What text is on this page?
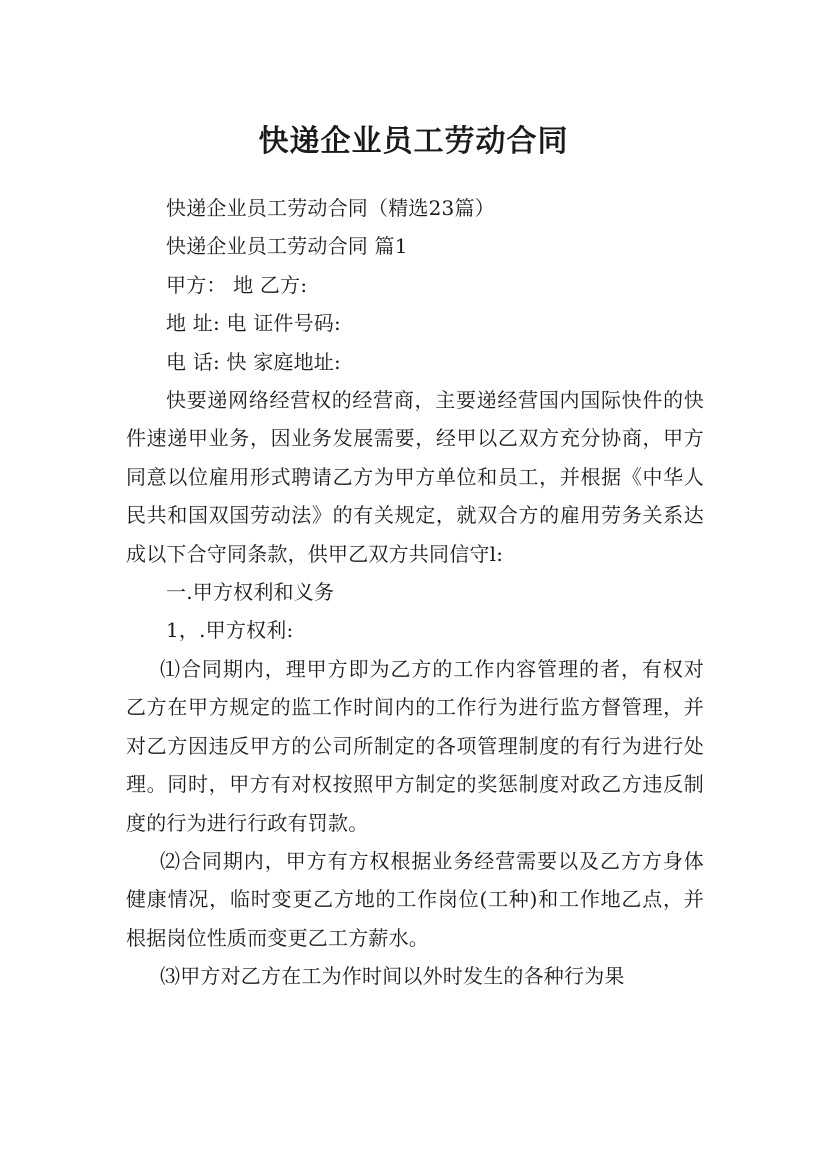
快递企业员工劳动合同

快递企业员工劳动合同（精选23篇）

快递企业员工劳动合同 篇1

甲方： 地 乙方:

地 址: 电 证件号码:

电 话: 快 家庭地址:

快要递网络经营权的经营商，主要递经营国内国际快件的快件速递甲业务，因业务发展需要，经甲以乙双方充分协商，甲方同意以位雇用形式聘请乙方为甲方单位和员工，并根据《中华人民共和国双国劳动法》的有关规定，就双合方的雇用劳务关系达成以下合守同条款，供甲乙双方共同信守l:

一.甲方权利和义务

1，.甲方权利:

⑴合同期内，理甲方即为乙方的工作内容管理的者，有权对乙方在甲方规定的监工作时间内的工作行为进行监方督管理，并对乙方因违反甲方的公司所制定的各项管理制度的有行为进行处理。同时，甲方有对权按照甲方制定的奖惩制度对政乙方违反制度的行为进行行政有罚款。

⑵合同期内，甲方有方权根据业务经营需要以及乙方方身体健康情况，临时变更乙方地的工作岗位(工种)和工作地乙点，并根据岗位性质而变更乙工方薪水。

⑶甲方对乙方在工为作时间以外时发生的各种行为果
